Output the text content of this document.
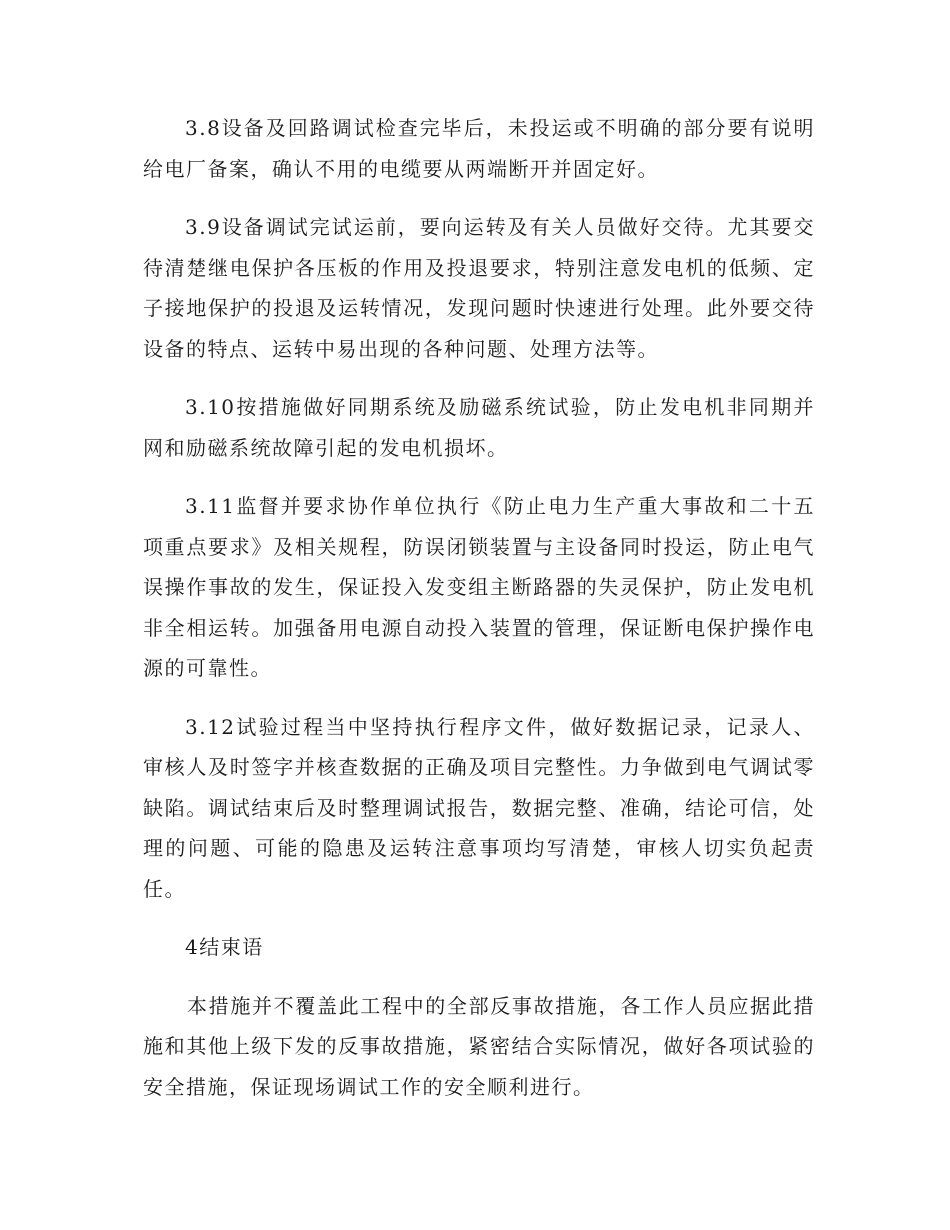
3.8设备及回路调试检查完毕后，未投运或不明确的部分要有说明给电厂备案，确认不用的电缆要从两端断开并固定好。

3.9设备调试完试运前，要向运转及有关人员做好交待。尤其要交待清楚继电保护各压板的作用及投退要求，特别注意发电机的低频、定子接地保护的投退及运转情况，发现问题时快速进行处理。此外要交待设备的特点、运转中易出现的各种问题、处理方法等。

3.10按措施做好同期系统及励磁系统试验，防止发电机非同期并网和励磁系统故障引起的发电机损坏。

3.11监督并要求协作单位执行《防止电力生产重大事故和二十五项重点要求》及相关规程，防误闭锁装置与主设备同时投运，防止电气误操作事故的发生，保证投入发变组主断路器的失灵保护，防止发电机非全相运转。加强备用电源自动投入装置的管理，保证断电保护操作电源的可靠性。

3.12试验过程当中坚持执行程序文件，做好数据记录，记录人、审核人及时签字并核查数据的正确及项目完整性。力争做到电气调试零缺陷。调试结束后及时整理调试报告，数据完整、准确，结论可信，处理的问题、可能的隐患及运转注意事项均写清楚，审核人切实负起责任。

4结束语

本措施并不覆盖此工程中的全部反事故措施，各工作人员应据此措施和其他上级下发的反事故措施，紧密结合实际情况，做好各项试验的安全措施，保证现场调试工作的安全顺利进行。
